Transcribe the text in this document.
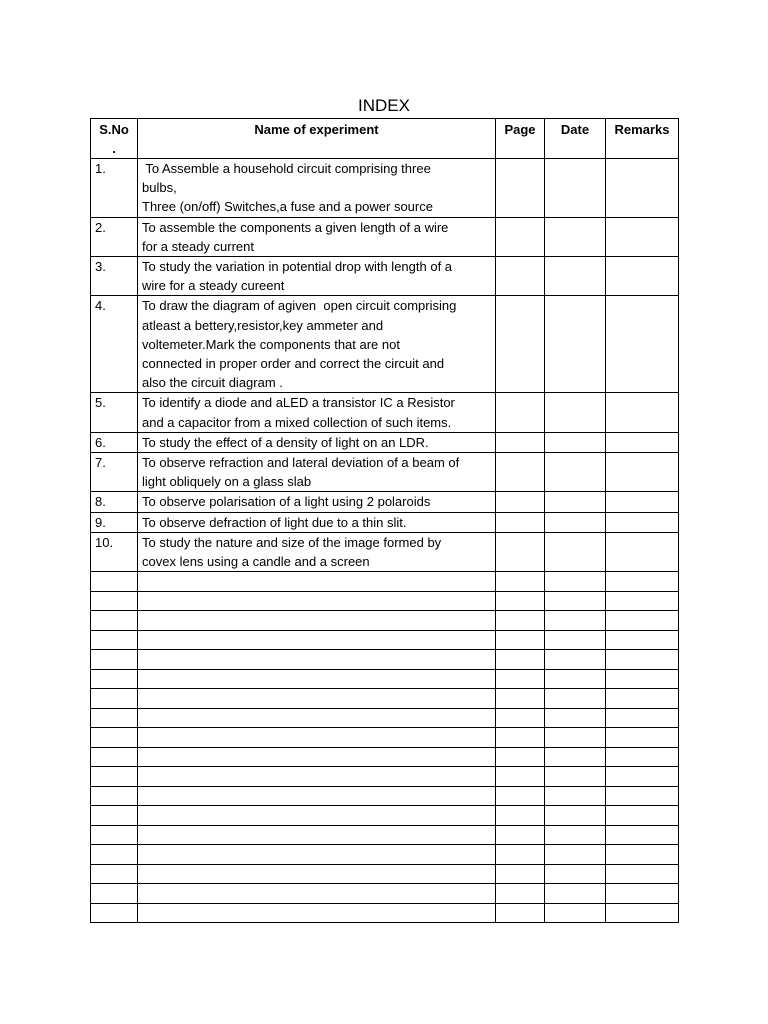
INDEX
S.No
.	Name of experiment	Page	Date	Remarks
1.	To Assemble a household circuit comprising three
bulbs,
Three (on/off) Switches,a fuse and a power source			

2.	To assemble the components a given length of a wire
for a steady current			

3.	To study the variation in potential drop with length of a
wire for a steady cureent			

4.	To draw the diagram of agiven  open circuit comprising
atleast a bettery,resistor,key ammeter and
voltemeter.Mark the components that are not
connected in proper order and correct the circuit and
also the circuit diagram .			

5.	To identify a diode and aLED a transistor IC a Resistor
and a capacitor from a mixed collection of such items.			

6.	To study the effect of a density of light on an LDR.			

7.	To observe refraction and lateral deviation of a beam of
light obliquely on a glass slab			

8.	To observe polarisation of a light using 2 polaroids			

9.	To observe defraction of light due to a thin slit.			

10.	To study the nature and size of the image formed by
covex lens using a candle and a screen			
